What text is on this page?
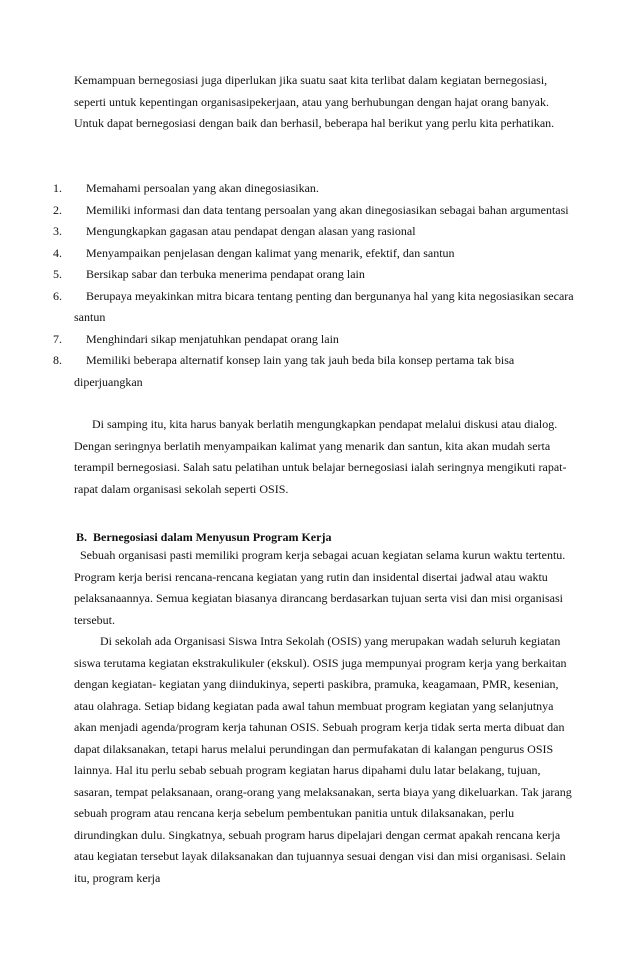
Kemampuan bernegosiasi juga diperlukan jika suatu saat kita terlibat dalam kegiatan bernegosiasi, seperti untuk kepentingan organisasipekerjaan, atau yang berhubungan dengan hajat orang banyak. Untuk dapat bernegosiasi dengan baik dan berhasil, beberapa hal berikut yang perlu kita perhatikan.

1.	Memahami persoalan yang akan dinegosiasikan.
2.	Memiliki informasi dan data tentang persoalan yang akan dinegosiasikan sebagai bahan argumentasi
3.	Mengungkapkan gagasan atau pendapat dengan alasan yang rasional
4.	Menyampaikan penjelasan dengan kalimat yang menarik, efektif, dan santun
5.	Bersikap sabar dan terbuka menerima pendapat orang lain
6.	Berupaya meyakinkan mitra bicara tentang penting dan bergunanya hal yang kita negosiasikan secara santun
7.	Menghindari sikap menjatuhkan pendapat orang lain
8.	Memiliki beberapa alternatif konsep lain yang tak jauh beda bila konsep pertama tak bisa diperjuangkan

Di samping itu, kita harus banyak berlatih mengungkapkan pendapat melalui diskusi atau dialog. Dengan seringnya berlatih menyampaikan kalimat yang menarik dan santun, kita akan mudah serta terampil bernegosiasi. Salah satu pelatihan untuk belajar bernegosiasi ialah seringnya mengikuti rapat-rapat dalam organisasi sekolah seperti OSIS.

B. Bernegosiasi dalam Menyusun Program Kerja

Sebuah organisasi pasti memiliki program kerja sebagai acuan kegiatan selama kurun waktu tertentu. Program kerja berisi rencana-rencana kegiatan yang rutin dan insidental disertai jadwal atau waktu pelaksanaannya. Semua kegiatan biasanya dirancang berdasarkan tujuan serta visi dan misi organisasi tersebut.

Di sekolah ada Organisasi Siswa Intra Sekolah (OSIS) yang merupakan wadah seluruh kegiatan siswa terutama kegiatan ekstrakulikuler (ekskul). OSIS juga mempunyai program kerja yang berkaitan dengan kegiatan- kegiatan yang diindukinya, seperti paskibra, pramuka, keagamaan, PMR, kesenian, atau olahraga. Setiap bidang kegiatan pada awal tahun membuat program kegiatan yang selanjutnya akan menjadi agenda/program kerja tahunan OSIS. Sebuah program kerja tidak serta merta dibuat dan dapat dilaksanakan, tetapi harus melalui perundingan dan permufakatan di kalangan pengurus OSIS lainnya. Hal itu perlu sebab sebuah program kegiatan harus dipahami dulu latar belakang, tujuan, sasaran, tempat pelaksanaan, orang-orang yang melaksanakan, serta biaya yang dikeluarkan. Tak jarang sebuah program atau rencana kerja sebelum pembentukan panitia untuk dilaksanakan, perlu dirundingkan dulu. Singkatnya, sebuah program harus dipelajari dengan cermat apakah rencana kerja atau kegiatan tersebut layak dilaksanakan dan tujuannya sesuai dengan visi dan misi organisasi. Selain itu, program kerja
